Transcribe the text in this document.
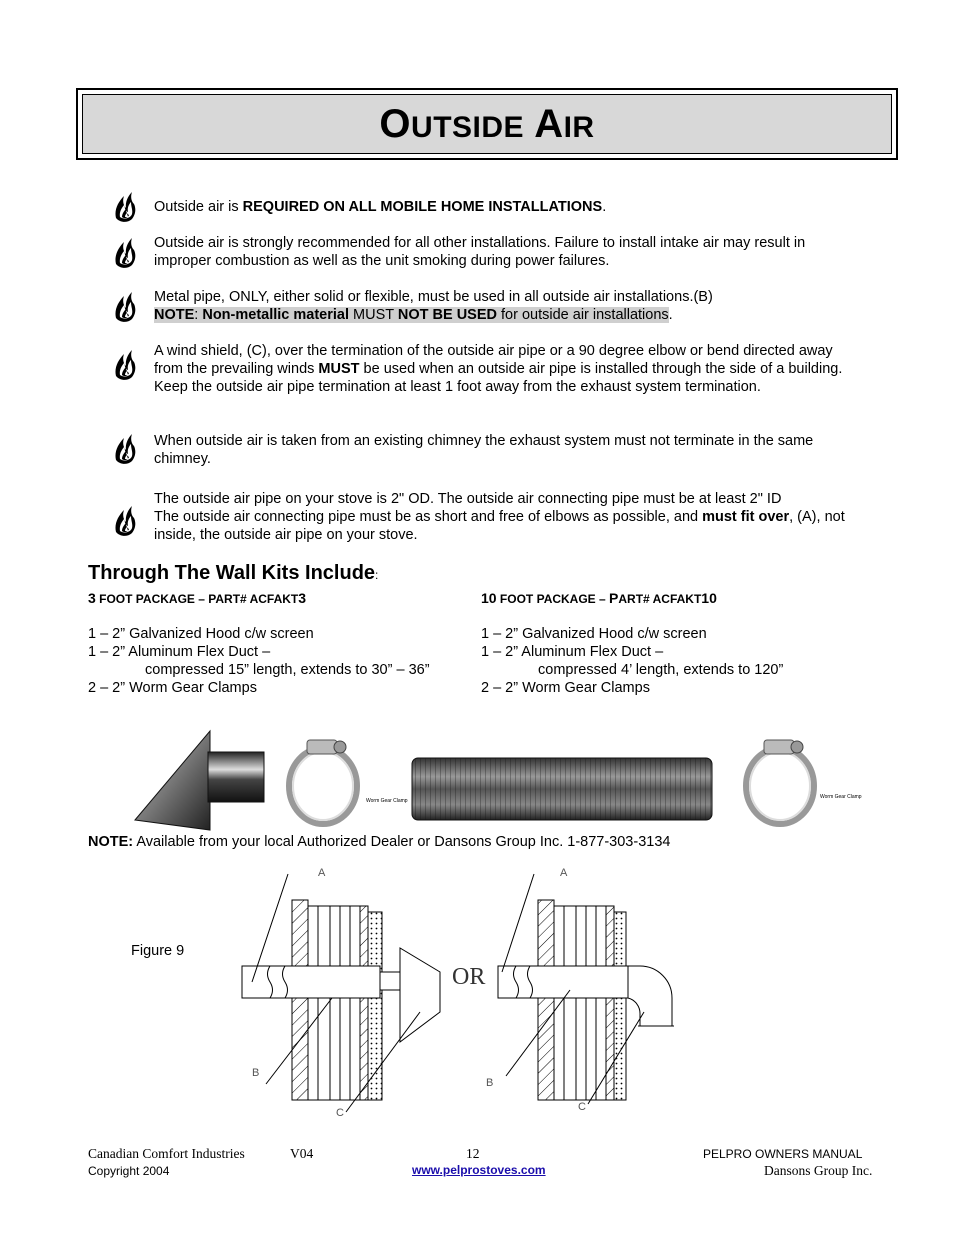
OUTSIDE AIR
Outside air is REQUIRED ON ALL MOBILE HOME INSTALLATIONS.
Outside air is strongly recommended for all other installations. Failure to install intake air may result in improper combustion as well as the unit smoking during power failures.
Metal pipe, ONLY, either solid or flexible, must be used in all outside air installations.(B)
NOTE: Non-metallic material MUST NOT BE USED for outside air installations.
A wind shield, (C), over the termination of the outside air pipe or a 90 degree elbow or bend directed away from the prevailing winds MUST be used when an outside air pipe is installed through the side of a building. Keep the outside air pipe termination at least 1 foot away from the exhaust system termination.
When outside air is taken from an existing chimney the exhaust system must not terminate in the same chimney.
The outside air pipe on your stove is 2" OD. The outside air connecting pipe must be at least 2" ID
The outside air connecting pipe must be as short and free of elbows as possible, and must fit over, (A), not inside, the outside air pipe on your stove.
Through The Wall Kits Include:
3 FOOT PACKAGE – PART# ACFAKT3
1 – 2” Galvanized Hood c/w screen
1 – 2” Aluminum Flex Duct –
compressed 15” length, extends to 30” – 36”
2 – 2” Worm Gear Clamps
10 FOOT PACKAGE – PART# ACFAKT10
1 – 2” Galvanized Hood c/w screen
1 – 2” Aluminum Flex Duct –
compressed 4’ length, extends to 120”
2 – 2” Worm Gear Clamps
Worm Gear Clamp
Worm Gear Clamp
NOTE: Available from your local Authorized Dealer or Dansons Group Inc. 1-877-303-3134
Figure 9
OR
A
B
C
A
B
C
Canadian Comfort Industries	V04	12	PELPRO OWNERS MANUAL
Copyright 2004	www.pelprostoves.com	Dansons Group Inc.
